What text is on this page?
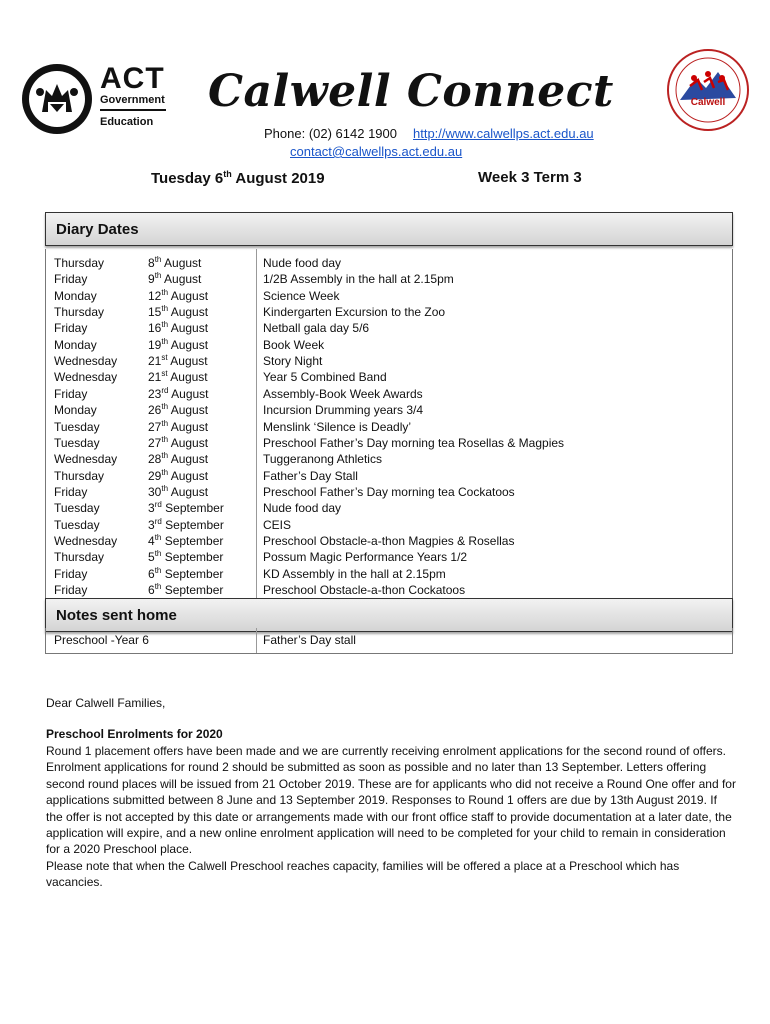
ACT
Government
Education
Calwell Connect	Calwell
Phone: (02) 6142 1900 http://www.calwellps.act.edu.au
contact@calwellps.act.edu.au
Tuesday 6th August 2019	Week 3 Term 3
Diary Dates
Thursday	8th August	Nude food day
Friday	9th August	1/2B Assembly in the hall at 2.15pm
Monday	12th August	Science Week
Thursday	15th August	Kindergarten Excursion to the Zoo
Friday	16th August	Netball gala day 5/6
Monday	19th August	Book Week
Wednesday	21st August	Story Night
Wednesday	21st August	Year 5 Combined Band
Friday	23rd August	Assembly-Book Week Awards
Monday	26th August	Incursion Drumming years 3/4
Tuesday	27th August	Menslink ‘Silence is Deadly’
Tuesday	27th August	Preschool Father’s Day morning tea Rosellas & Magpies
Wednesday	28th August	Tuggeranong Athletics
Thursday	29th August	Father’s Day Stall
Friday	30th August	Preschool Father’s Day morning tea Cockatoos
Tuesday	3rd September	Nude food day
Tuesday	3rd September	CEIS
Wednesday	4th September	Preschool Obstacle-a-thon Magpies & Rosellas
Thursday	5th September	Possum Magic Performance Years 1/2
Friday	6th September	KD Assembly in the hall at 2.15pm
Friday	6th September	Preschool Obstacle-a-thon Cockatoos
Notes sent home
Preschool -Year 6	Father’s Day stall
Dear Calwell Families,
Preschool Enrolments for 2020

Round 1 placement offers have been made and we are currently receiving enrolment applications for the second round of offers. Enrolment applications for round 2 should be submitted as soon as possible and no later than 13 September. Letters offering second round places will be issued from 21 October 2019. These are for applicants who did not receive a Round One offer and for applications submitted between 8 June and 13 September 2019. Responses to Round 1 offers are due by 13th August 2019. If the offer is not accepted by this date or arrangements made with our front office staff to provide documentation at a later date, the application will expire, and a new online enrolment application will need to be completed for your child to remain in consideration for a 2020 Preschool place.

Please note that when the Calwell Preschool reaches capacity, families will be offered a place at a Preschool which has vacancies.
